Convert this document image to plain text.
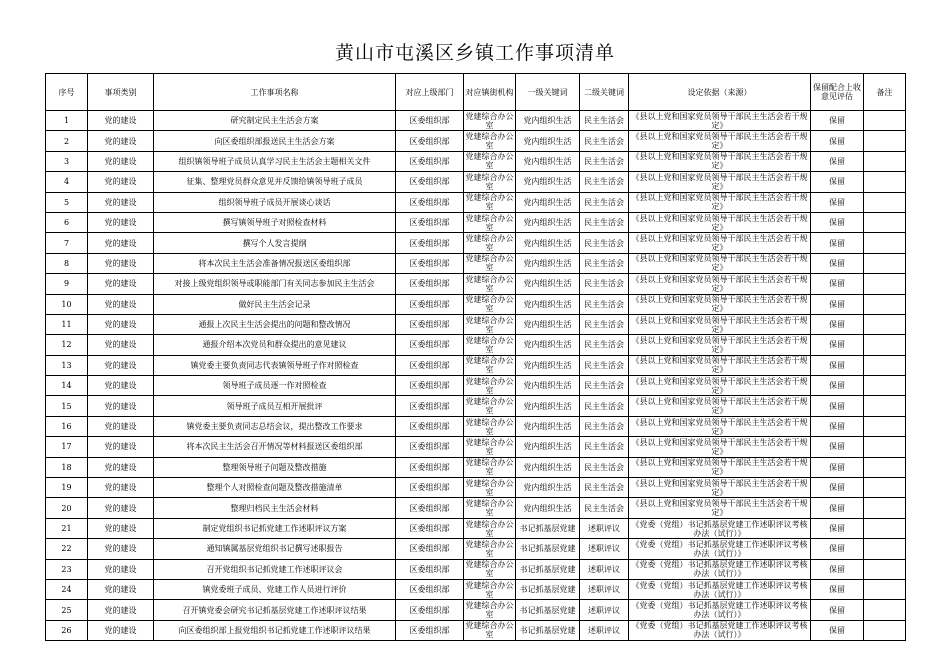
黄山市屯溪区乡镇工作事项清单
序号	事项类别	工作事项名称	对应上级部门	对应镇街机构	一级关键词	二级关键词	设定依据（来源）	保留配合上收意见评估	备注
1	党的建设	研究制定民主生活会方案	区委组织部	党建综合办公室	党内组织生活	民主生活会	《县以上党和国家党员领导干部民主生活会若干规定》	保留	
2	党的建设	向区委组织部报送民主生活会方案	区委组织部	党建综合办公室	党内组织生活	民主生活会	《县以上党和国家党员领导干部民主生活会若干规定》	保留	
3	党的建设	组织镇领导班子成员认真学习民主生活会主题相关文件	区委组织部	党建综合办公室	党内组织生活	民主生活会	《县以上党和国家党员领导干部民主生活会若干规定》	保留	
4	党的建设	征集、整理党员群众意见并反馈给镇领导班子成员	区委组织部	党建综合办公室	党内组织生活	民主生活会	《县以上党和国家党员领导干部民主生活会若干规定》	保留	
5	党的建设	组织领导班子成员开展谈心谈话	区委组织部	党建综合办公室	党内组织生活	民主生活会	《县以上党和国家党员领导干部民主生活会若干规定》	保留	
6	党的建设	撰写镇领导班子对照检查材料	区委组织部	党建综合办公室	党内组织生活	民主生活会	《县以上党和国家党员领导干部民主生活会若干规定》	保留	
7	党的建设	撰写个人发言提纲	区委组织部	党建综合办公室	党内组织生活	民主生活会	《县以上党和国家党员领导干部民主生活会若干规定》	保留	
8	党的建设	将本次民主生活会准备情况报送区委组织部	区委组织部	党建综合办公室	党内组织生活	民主生活会	《县以上党和国家党员领导干部民主生活会若干规定》	保留	
9	党的建设	对接上级党组织领导或职能部门有关同志参加民主生活会	区委组织部	党建综合办公室	党内组织生活	民主生活会	《县以上党和国家党员领导干部民主生活会若干规定》	保留	
10	党的建设	做好民主生活会记录	区委组织部	党建综合办公室	党内组织生活	民主生活会	《县以上党和国家党员领导干部民主生活会若干规定》	保留	
11	党的建设	通报上次民主生活会提出的问题和整改情况	区委组织部	党建综合办公室	党内组织生活	民主生活会	《县以上党和国家党员领导干部民主生活会若干规定》	保留	
12	党的建设	通报介绍本次党员和群众提出的意见建议	区委组织部	党建综合办公室	党内组织生活	民主生活会	《县以上党和国家党员领导干部民主生活会若干规定》	保留	
13	党的建设	镇党委主要负责同志代表镇领导班子作对照检查	区委组织部	党建综合办公室	党内组织生活	民主生活会	《县以上党和国家党员领导干部民主生活会若干规定》	保留	
14	党的建设	领导班子成员逐一作对照检查	区委组织部	党建综合办公室	党内组织生活	民主生活会	《县以上党和国家党员领导干部民主生活会若干规定》	保留	
15	党的建设	领导班子成员互相开展批评	区委组织部	党建综合办公室	党内组织生活	民主生活会	《县以上党和国家党员领导干部民主生活会若干规定》	保留	
16	党的建设	镇党委主要负责同志总结会议，提出整改工作要求	区委组织部	党建综合办公室	党内组织生活	民主生活会	《县以上党和国家党员领导干部民主生活会若干规定》	保留	
17	党的建设	将本次民主生活会召开情况等材料报送区委组织部	区委组织部	党建综合办公室	党内组织生活	民主生活会	《县以上党和国家党员领导干部民主生活会若干规定》	保留	
18	党的建设	整理领导班子问题及整改措施	区委组织部	党建综合办公室	党内组织生活	民主生活会	《县以上党和国家党员领导干部民主生活会若干规定》	保留	
19	党的建设	整理个人对照检查问题及整改措施清单	区委组织部	党建综合办公室	党内组织生活	民主生活会	《县以上党和国家党员领导干部民主生活会若干规定》	保留	
20	党的建设	整理归档民主生活会材料	区委组织部	党建综合办公室	党内组织生活	民主生活会	《县以上党和国家党员领导干部民主生活会若干规定》	保留	
21	党的建设	制定党组织书记抓党建工作述职评议方案	区委组织部	党建综合办公室	书记抓基层党建	述职评议	《党委（党组）书记抓基层党建工作述职评议考核办法（试行）》	保留	
22	党的建设	通知镇属基层党组织书记撰写述职报告	区委组织部	党建综合办公室	书记抓基层党建	述职评议	《党委（党组）书记抓基层党建工作述职评议考核办法（试行）》	保留	
23	党的建设	召开党组织书记抓党建工作述职评议会	区委组织部	党建综合办公室	书记抓基层党建	述职评议	《党委（党组）书记抓基层党建工作述职评议考核办法（试行）》	保留	
24	党的建设	镇党委班子成员、党建工作人员进行评价	区委组织部	党建综合办公室	书记抓基层党建	述职评议	《党委（党组）书记抓基层党建工作述职评议考核办法（试行）》	保留	
25	党的建设	召开镇党委会研究书记抓基层党建工作述职评议结果	区委组织部	党建综合办公室	书记抓基层党建	述职评议	《党委（党组）书记抓基层党建工作述职评议考核办法（试行）》	保留	
26	党的建设	向区委组织部上报党组织书记抓党建工作述职评议结果	区委组织部	党建综合办公室	书记抓基层党建	述职评议	《党委（党组）书记抓基层党建工作述职评议考核办法（试行）》	保留	
